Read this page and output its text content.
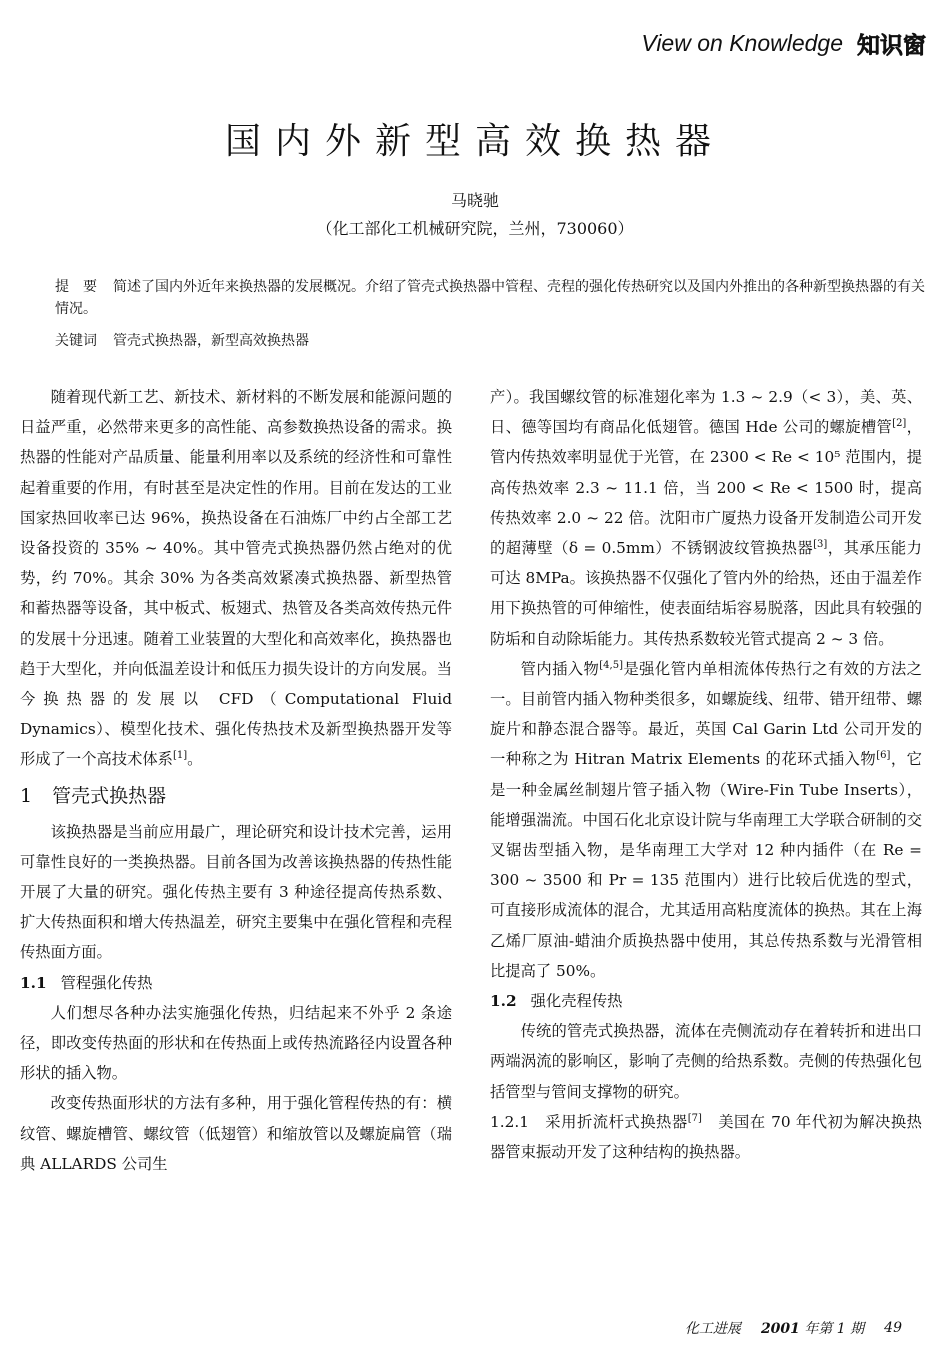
View on Knowledge 知识窗
国内外新型高效换热器
马晓驰
（化工部化工机械研究院，兰州，730060）
提　要 简述了国内外近年来换热器的发展概况。介绍了管壳式换热器中管程、壳程的强化传热研究以及国内外推出的各种新型换热器的有关情况。
关键词 管壳式换热器，新型高效换热器

随着现代新工艺、新技术、新材料的不断发展和能源问题的日益严重，必然带来更多的高性能、高参数换热设备的需求。换热器的性能对产品质量、能量利用率以及系统的经济性和可靠性起着重要的作用，有时甚至是决定性的作用。目前在发达的工业国家热回收率已达 96%，换热设备在石油炼厂中约占全部工艺设备投资的 35% ~ 40%。其中管壳式换热器仍然占绝对的优势，约 70%。其余 30% 为各类高效紧凑式换热器、新型热管和蓄热器等设备，其中板式、板翅式、热管及各类高效传热元件的发展十分迅速。随着工业装置的大型化和高效率化，换热器也趋于大型化，并向低温差设计和低压力损失设计的方向发展。当今换热器的发展以 CFD（Computational Fluid Dynamics）、模型化技术、强化传热技术及新型换热器开发等形成了一个高技术体系[1]。

1 管壳式换热器

该换热器是当前应用最广，理论研究和设计技术完善，运用可靠性良好的一类换热器。目前各国为改善该换热器的传热性能开展了大量的研究。强化传热主要有 3 种途径提高传热系数、扩大传热面积和增大传热温差，研究主要集中在强化管程和壳程传热面方面。

1.1 管程强化传热

人们想尽各种办法实施强化传热，归结起来不外乎 2 条途径，即改变传热面的形状和在传热面上或传热流路径内设置各种形状的插入物。

改变传热面形状的方法有多种，用于强化管程传热的有：横纹管、螺旋槽管、螺纹管（低翅管）和缩放管以及螺旋扁管（瑞典 ALLARDS 公司生

产）。我国螺纹管的标准翅化率为 1.3 ~ 2.9（< 3），美、英、日、德等国均有商品化低翅管。德国 Hde 公司的螺旋槽管[2]，管内传热效率明显优于光管，在 2300 < Re < 10⁵ 范围内，提高传热效率 2.3 ~ 11.1 倍，当 200 < Re < 1500 时，提高传热效率 2.0 ~ 22 倍。沈阳市广厦热力设备开发制造公司开发的超薄壁（δ = 0.5mm）不锈钢波纹管换热器[3]，其承压能力可达 8MPa。该换热器不仅强化了管内外的给热，还由于温差作用下换热管的可伸缩性，使表面结垢容易脱落，因此具有较强的防垢和自动除垢能力。其传热系数较光管式提高 2 ~ 3 倍。

管内插入物[4,5]是强化管内单相流体传热行之有效的方法之一。目前管内插入物种类很多，如螺旋线、纽带、错开纽带、螺旋片和静态混合器等。最近，英国 Cal Garin Ltd 公司开发的一种称之为 Hitran Matrix Elements 的花环式插入物[6]，它是一种金属丝制翅片管子插入物（Wire-Fin Tube Inserts），能增强湍流。中国石化北京设计院与华南理工大学联合研制的交叉锯齿型插入物，是华南理工大学对 12 种内插件（在 Re = 300 ~ 3500 和 Pr = 135 范围内）进行比较后优选的型式，可直接形成流体的混合，尤其适用高粘度流体的换热。其在上海乙烯厂原油-蜡油介质换热器中使用，其总传热系数与光滑管相比提高了 50%。

1.2 强化壳程传热

传统的管壳式换热器，流体在壳侧流动存在着转折和进出口两端涡流的影响区，影响了壳侧的给热系数。壳侧的传热强化包括管型与管间支撑物的研究。

1.2.1　 采用折流杆式换热器[7]　 美国在 70 年代初为解决换热器管束振动开发了这种结构的换热器。

化工进展 2001 年第 1 期 49
